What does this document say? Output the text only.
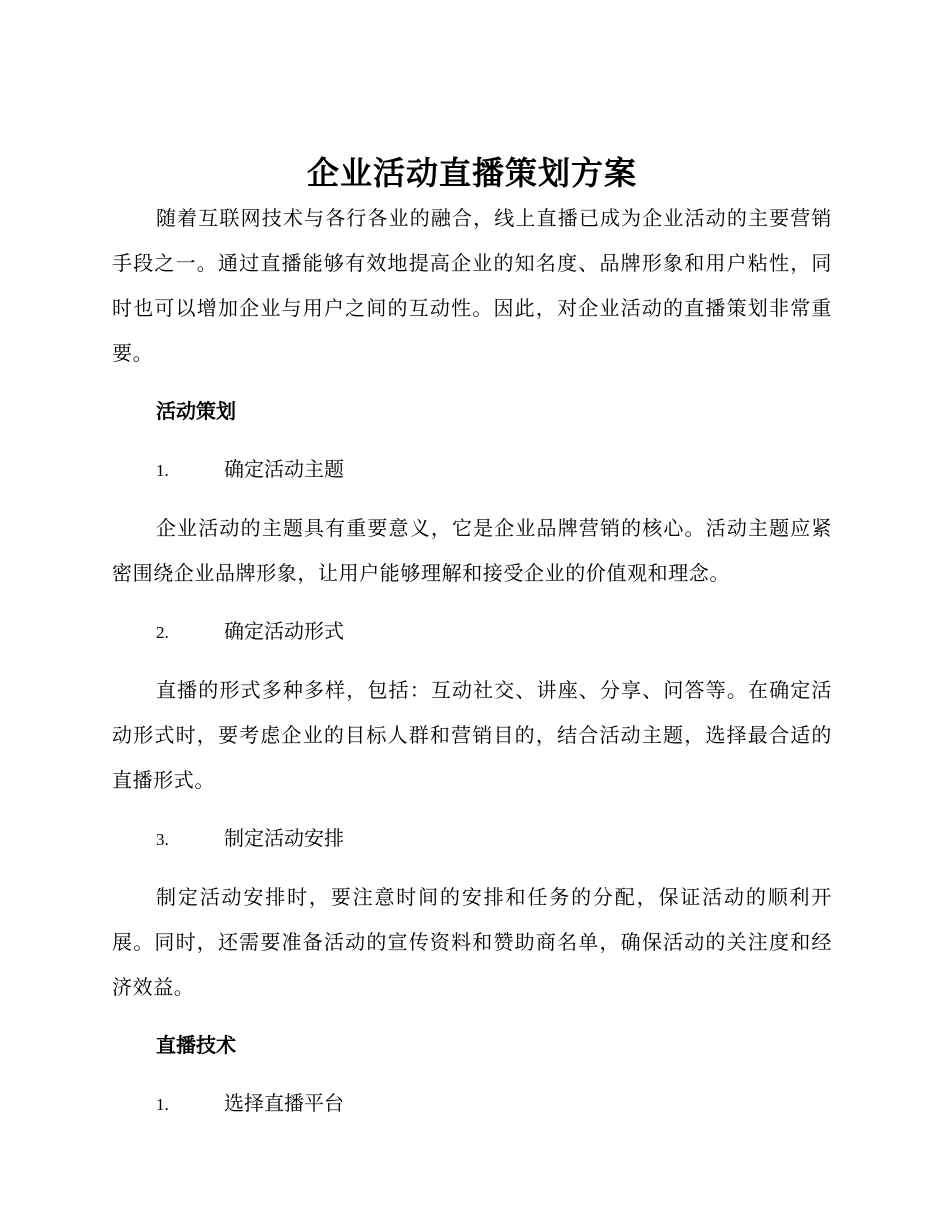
企业活动直播策划方案

随着互联网技术与各行各业的融合，线上直播已成为企业活动的主要营销手段之一。通过直播能够有效地提高企业的知名度、品牌形象和用户粘性，同时也可以增加企业与用户之间的互动性。因此，对企业活动的直播策划非常重要。

活动策划

1.	确定活动主题

企业活动的主题具有重要意义，它是企业品牌营销的核心。活动主题应紧密围绕企业品牌形象，让用户能够理解和接受企业的价值观和理念。

2.	确定活动形式

直播的形式多种多样，包括：互动社交、讲座、分享、问答等。在确定活动形式时，要考虑企业的目标人群和营销目的，结合活动主题，选择最合适的直播形式。

3.	制定活动安排

制定活动安排时，要注意时间的安排和任务的分配，保证活动的顺利开展。同时，还需要准备活动的宣传资料和赞助商名单，确保活动的关注度和经济效益。

直播技术

1.	选择直播平台
